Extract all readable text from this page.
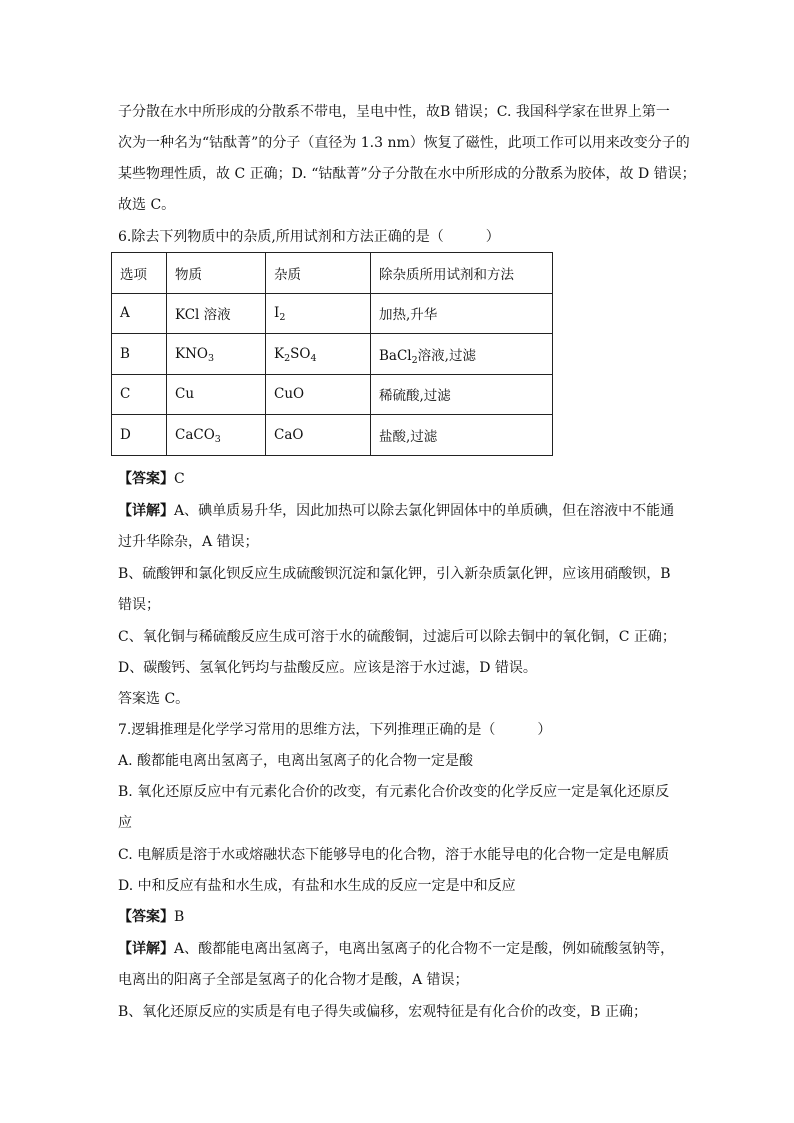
子分散在水中所形成的分散系不带电，呈电中性，故B 错误；C. 我国科学家在世界上第一
次为一种名为“钴酞菁”的分子（直径为 1.3 nm）恢复了磁性，此项工作可以用来改变分子的
某些物理性质，故 C 正确；D. “钴酞菁”分子分散在水中所形成的分散系为胶体，故 D 错误；
故选 C。
6.除去下列物质中的杂质,所用试剂和方法正确的是（　　　）
选项	物质	杂质	除杂质所用试剂和方法
A	KCl 溶液	$I_2$	加热,升华
B	$KNO_3$	$K_2SO_4$	BaCl$_2$溶液,过滤
C	Cu	CuO	稀硫酸,过滤
D	CaCO$_3$	CaO	盐酸,过滤
【答案】C
【详解】A、碘单质易升华，因此加热可以除去氯化钾固体中的单质碘，但在溶液中不能通
过升华除杂，A 错误；
B、硫酸钾和氯化钡反应生成硫酸钡沉淀和氯化钾，引入新杂质氯化钾，应该用硝酸钡，B
错误；
C、氧化铜与稀硫酸反应生成可溶于水的硫酸铜，过滤后可以除去铜中的氧化铜，C 正确；
D、碳酸钙、氢氧化钙均与盐酸反应。应该是溶于水过滤，D 错误。
答案选 C。
7.逻辑推理是化学学习常用的思维方法，下列推理正确的是（　　　）
A. 酸都能电离出氢离子，电离出氢离子的化合物一定是酸
B. 氧化还原反应中有元素化合价的改变，有元素化合价改变的化学反应一定是氧化还原反
应
C. 电解质是溶于水或熔融状态下能够导电的化合物，溶于水能导电的化合物一定是电解质
D. 中和反应有盐和水生成，有盐和水生成的反应一定是中和反应
【答案】B
【详解】A、酸都能电离出氢离子，电离出氢离子的化合物不一定是酸，例如硫酸氢钠等，
电离出的阳离子全部是氢离子的化合物才是酸，A 错误；
B、氧化还原反应的实质是有电子得失或偏移，宏观特征是有化合价的改变，B 正确；
